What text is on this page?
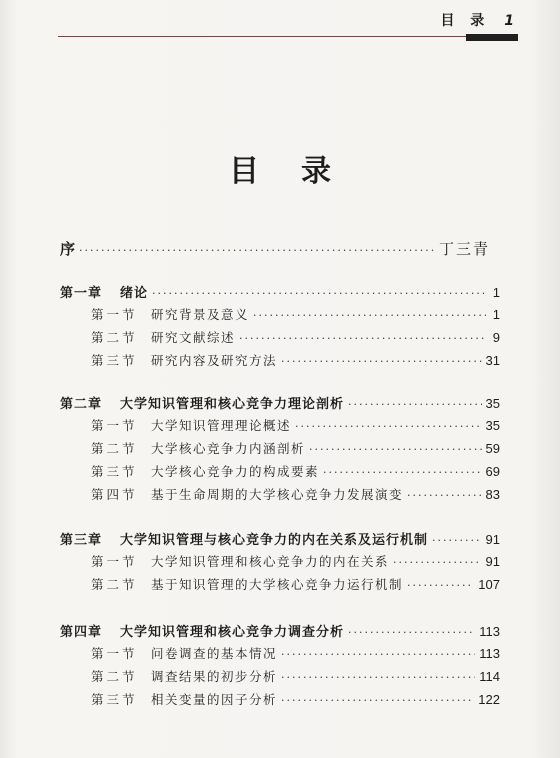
目  录 1
目录
序 ·····	丁三青
第一章	绪论 ·····	1
第一节	研究背景及意义 ·····	1
第二节	研究文献综述 ·····	9
第三节	研究内容及研究方法 ·····	31
第二章	大学知识管理和核心竞争力理论剖析 ·····	35
第一节	大学知识管理理论概述 ·····	35
第二节	大学核心竞争力内涵剖析 ·····	59
第三节	大学核心竞争力的构成要素 ·····	69
第四节	基于生命周期的大学核心竞争力发展演变 ·····	83
第三章	大学知识管理与核心竞争力的内在关系及运行机制 ·····	91
第一节	大学知识管理和核心竞争力的内在关系 ·····	91
第二节	基于知识管理的大学核心竞争力运行机制 ·····	107
第四章	大学知识管理和核心竞争力调查分析 ·····	113
第一节	问卷调查的基本情况 ·····	113
第二节	调查结果的初步分析 ·····	114
第三节	相关变量的因子分析 ·····	122
